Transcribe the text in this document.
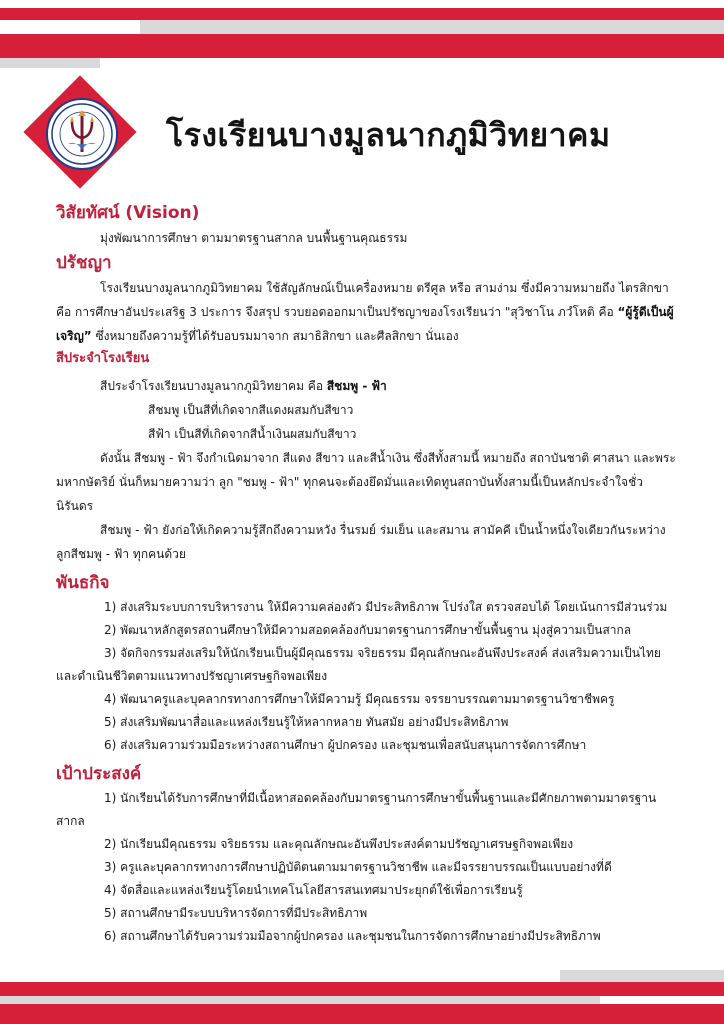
โรงเรียนบางมูลนากภูมิวิทยาคม
วิสัยทัศน์ (Vision)

มุ่งพัฒนาการศึกษา ตามมาตรฐานสากล บนพื้นฐานคุณธรรม

ปรัชญา

โรงเรียนบางมูลนากภูมิวิทยาคม ใช้สัญลักษณ์เป็นเครื่องหมาย ตรีศูล หรือ สามง่าม ซึ่งมีความหมายถึง ไตรสิกขา คือ การศึกษาอันประเสริฐ 3 ประการ จึงสรุป รวบยอดออกมาเป็นปรัชญาของโรงเรียนว่า "สุวิชาโน ภวํโหติ คือ “ผู้รู้ดีเป็นผู้เจริญ” ซึ่งหมายถึงความรู้ที่ได้รับอบรมมาจาก สมาธิสิกขา และศีลสิกขา นั่นเอง

สีประจำโรงเรียน

สีประจำโรงเรียนบางมูลนากภูมิวิทยาคม คือ สีชมพู - ฟ้า

สีชมพู เป็นสีที่เกิดจากสีแดงผสมกับสีขาว

สีฟ้า เป็นสีที่เกิดจากสีน้ำเงินผสมกับสีขาว

ดังนั้น สีชมพู - ฟ้า จึงกำเนิดมาจาก สีแดง สีขาว และสีน้ำเงิน ซึ่งสีทั้งสามนี้ หมายถึง สถาบันชาติ ศาสนา และพระมหากษัตริย์ นั่นก็หมายความว่า ลูก "ชมพู - ฟ้า" ทุกคนจะต้องยึดมั่นและเทิดทูนสถาบันทั้งสามนี้เป็นหลักประจำใจชั่วนิรันดร

สีชมพู - ฟ้า ยังก่อให้เกิดความรู้สึกถึงความหวัง รื่นรมย์ ร่มเย็น และสมาน สามัคคี เป็นน้ำหนึ่งใจเดียวกันระหว่างลูกสีชมพู - ฟ้า ทุกคนด้วย

พันธกิจ
1) ส่งเสริมระบบการบริหารงาน ให้มีความคล่องตัว มีประสิทธิภาพ โปร่งใส ตรวจสอบได้ โดยเน้นการมีส่วนร่วม
2) พัฒนาหลักสูตรสถานศึกษาให้มีความสอดคล้องกับมาตรฐานการศึกษาขั้นพื้นฐาน มุ่งสู่ความเป็นสากล
3) จัดกิจกรรมส่งเสริมให้นักเรียนเป็นผู้มีคุณธรรม จริยธรรม มีคุณลักษณะอันพึงประสงค์ ส่งเสริมความเป็นไทยและดำเนินชีวิตตามแนวทางปรัชญาเศรษฐกิจพอเพียง
4) พัฒนาครูและบุคลากรทางการศึกษาให้มีความรู้ มีคุณธรรม จรรยาบรรณตามมาตรฐานวิชาชีพครู
5) ส่งเสริมพัฒนาสื่อและแหล่งเรียนรู้ให้หลากหลาย ทันสมัย อย่างมีประสิทธิภาพ
6) ส่งเสริมความร่วมมือระหว่างสถานศึกษา ผู้ปกครอง และชุมชนเพื่อสนับสนุนการจัดการศึกษา
เป้าประสงค์
1) นักเรียนได้รับการศึกษาที่มีเนื้อหาสอดคล้องกับมาตรฐานการศึกษาขั้นพื้นฐานและมีศักยภาพตามมาตรฐานสากล
2) นักเรียนมีคุณธรรม จริยธรรม และคุณลักษณะอันพึงประสงค์ตามปรัชญาเศรษฐกิจพอเพียง
3) ครูและบุคลากรทางการศึกษาปฏิบัติตนตามมาตรฐานวิชาชีพ และมีจรรยาบรรณเป็นแบบอย่างที่ดี
4) จัดสื่อและแหล่งเรียนรู้โดยนำเทคโนโลยีสารสนเทศมาประยุกต์ใช้เพื่อการเรียนรู้
5) สถานศึกษามีระบบบริหารจัดการที่มีประสิทธิภาพ
6) สถานศึกษาได้รับความร่วมมือจากผู้ปกครอง และชุมชนในการจัดการศึกษาอย่างมีประสิทธิภาพ
